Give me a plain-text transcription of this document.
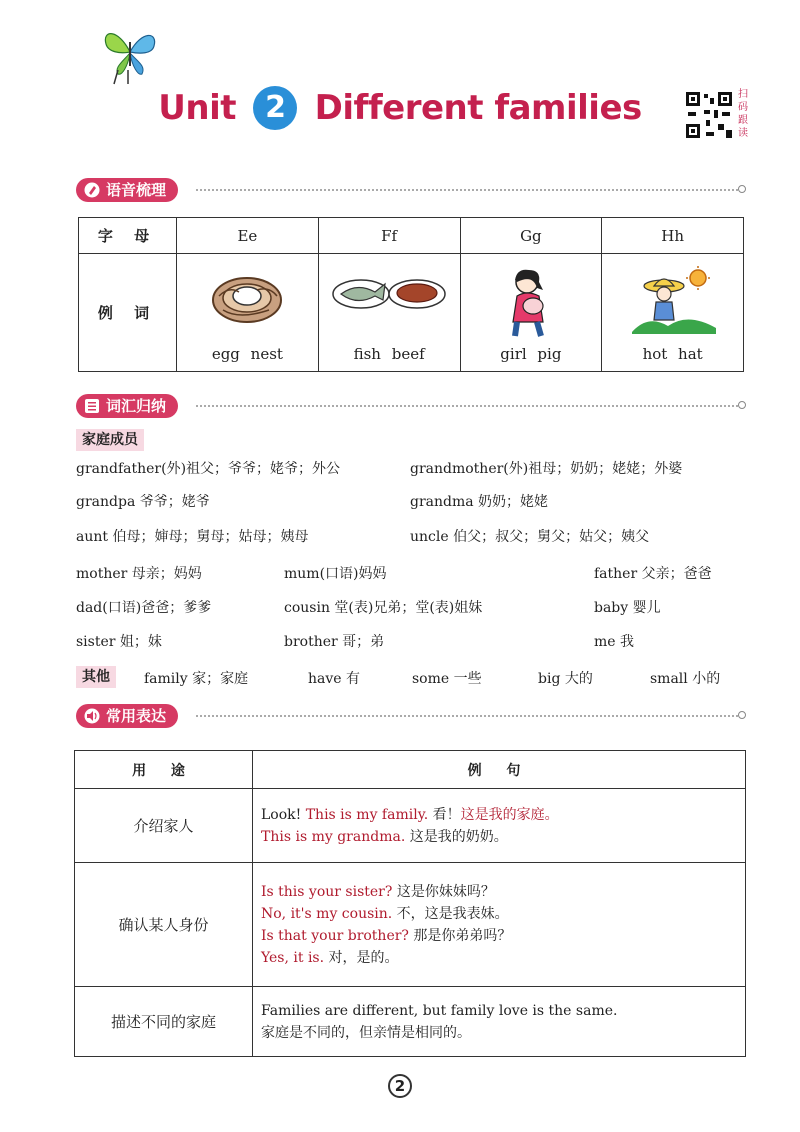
Unit 2 Different families	扫
码
跟
读
语音梳理
字 母	Ee	Ff	Gg	Hh
例 词	egg nest	fish beef	girl pig	hot hat
词汇归纳
家庭成员
grandfather(外)祖父；爷爷；姥爷；外公	grandmother(外)祖母；奶奶；姥姥；外婆
grandpa 爷爷；姥爷	grandma 奶奶；姥姥
aunt 伯母；婶母；舅母；姑母；姨母	uncle 伯父；叔父；舅父；姑父；姨父
mother 母亲；妈妈	mum(口语)妈妈	father 父亲；爸爸
dad(口语)爸爸；爹爹	cousin 堂(表)兄弟；堂(表)姐妹	baby 婴儿
sister 姐；妹	brother 哥；弟	me 我
其他	family 家；家庭	have 有	some 一些	big 大的	small 小的
常用表达
用 途	例 句
介绍家人	Look! This is my family. 看！这是我的家庭。
This is my grandma. 这是我的奶奶。

确认某人身份	Is this your sister? 这是你妹妹吗？
No, it's my cousin. 不，这是我表妹。
Is that your brother? 那是你弟弟吗？
Yes, it is. 对，是的。

描述不同的家庭	Families are different, but family love is the same.
家庭是不同的，但亲情是相同的。
2
